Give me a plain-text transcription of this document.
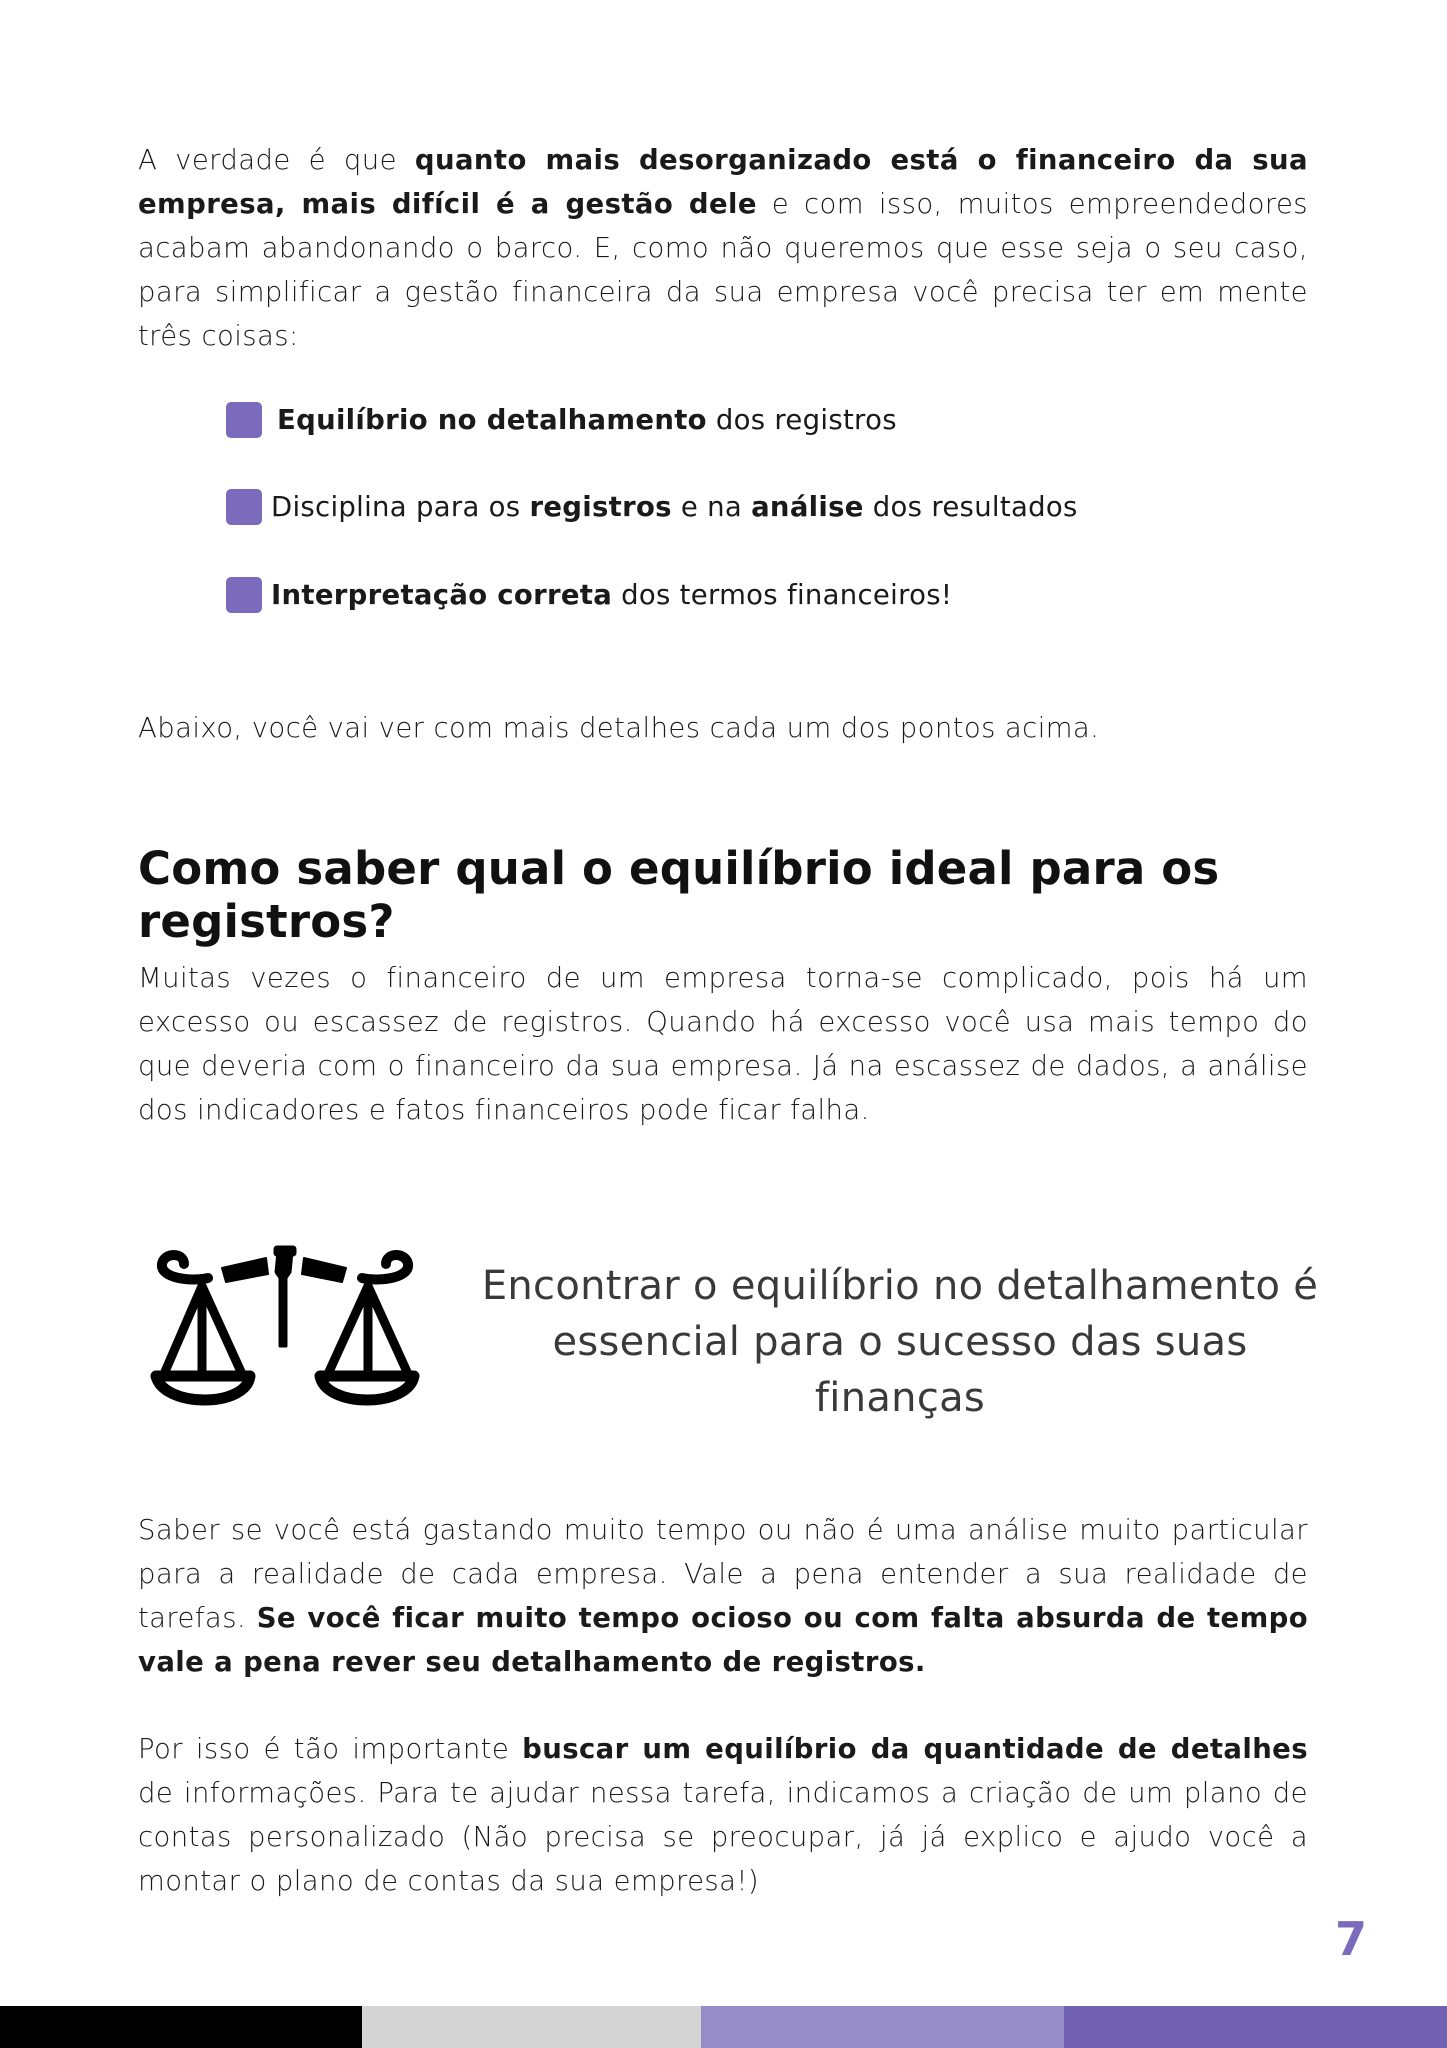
A verdade é que quanto mais desorganizado está o financeiro da sua empresa, mais difícil é a gestão dele e com isso, muitos empreendedores acabam abandonando o barco. E, como não queremos que esse seja o seu caso, para simplificar a gestão financeira da sua empresa você precisa ter em mente três coisas:

Equilíbrio no detalhamento dos registros
Disciplina para os registros e na análise dos resultados
Interpretação correta dos termos financeiros!

Abaixo, você vai ver com mais detalhes cada um dos pontos acima.

Como saber qual o equilíbrio ideal para os registros?

Muitas vezes o financeiro de um empresa torna-se complicado, pois há um excesso ou escassez de registros. Quando há excesso você usa mais tempo do que deveria com o financeiro da sua empresa. Já na escassez de dados, a análise dos indicadores e fatos financeiros pode ficar falha.

Encontrar o equilíbrio no detalhamento é essencial para o sucesso das suas finanças

Saber se você está gastando muito tempo ou não é uma análise muito particular para a realidade de cada empresa. Vale a pena entender a sua realidade de tarefas. Se você ficar muito tempo ocioso ou com falta absurda de tempo vale a pena rever seu detalhamento de registros.

Por isso é tão importante buscar um equilíbrio da quantidade de detalhes de informações. Para te ajudar nessa tarefa, indicamos a criação de um plano de contas personalizado (Não precisa se preocupar, já já explico e ajudo você a montar o plano de contas da sua empresa!)

7
